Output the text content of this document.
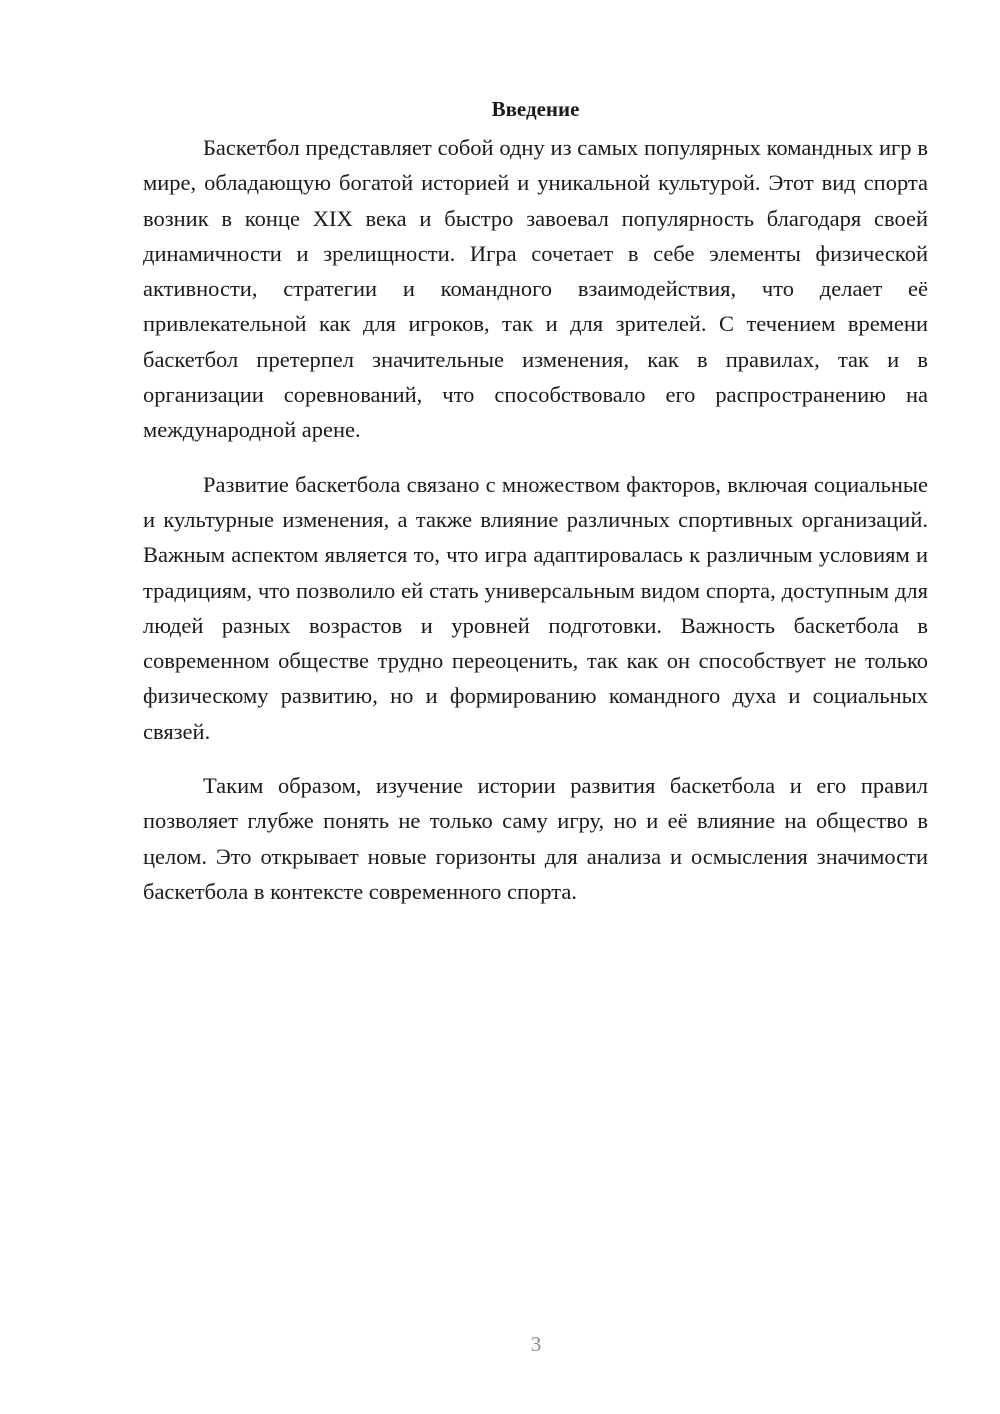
Введение

Баскетбол представляет собой одну из самых популярных командных игр в мире, обладающую богатой историей и уникальной культурой. Этот вид спорта возник в конце XIX века и быстро завоевал популярность благодаря своей динамичности и зрелищности. Игра сочетает в себе элементы физической активности, стратегии и командного взаимодействия, что делает её привлекательной как для игроков, так и для зрителей. С течением времени баскетбол претерпел значительные изменения, как в правилах, так и в организации соревнований, что способствовало его распространению на международной арене.

Развитие баскетбола связано с множеством факторов, включая социальные и культурные изменения, а также влияние различных спортивных организаций. Важным аспектом является то, что игра адаптировалась к различным условиям и традициям, что позволило ей стать универсальным видом спорта, доступным для людей разных возрастов и уровней подготовки. Важность баскетбола в современном обществе трудно переоценить, так как он способствует не только физическому развитию, но и формированию командного духа и социальных связей.

Таким образом, изучение истории развития баскетбола и его правил позволяет глубже понять не только саму игру, но и её влияние на общество в целом. Это открывает новые горизонты для анализа и осмысления значимости баскетбола в контексте современного спорта.

3
